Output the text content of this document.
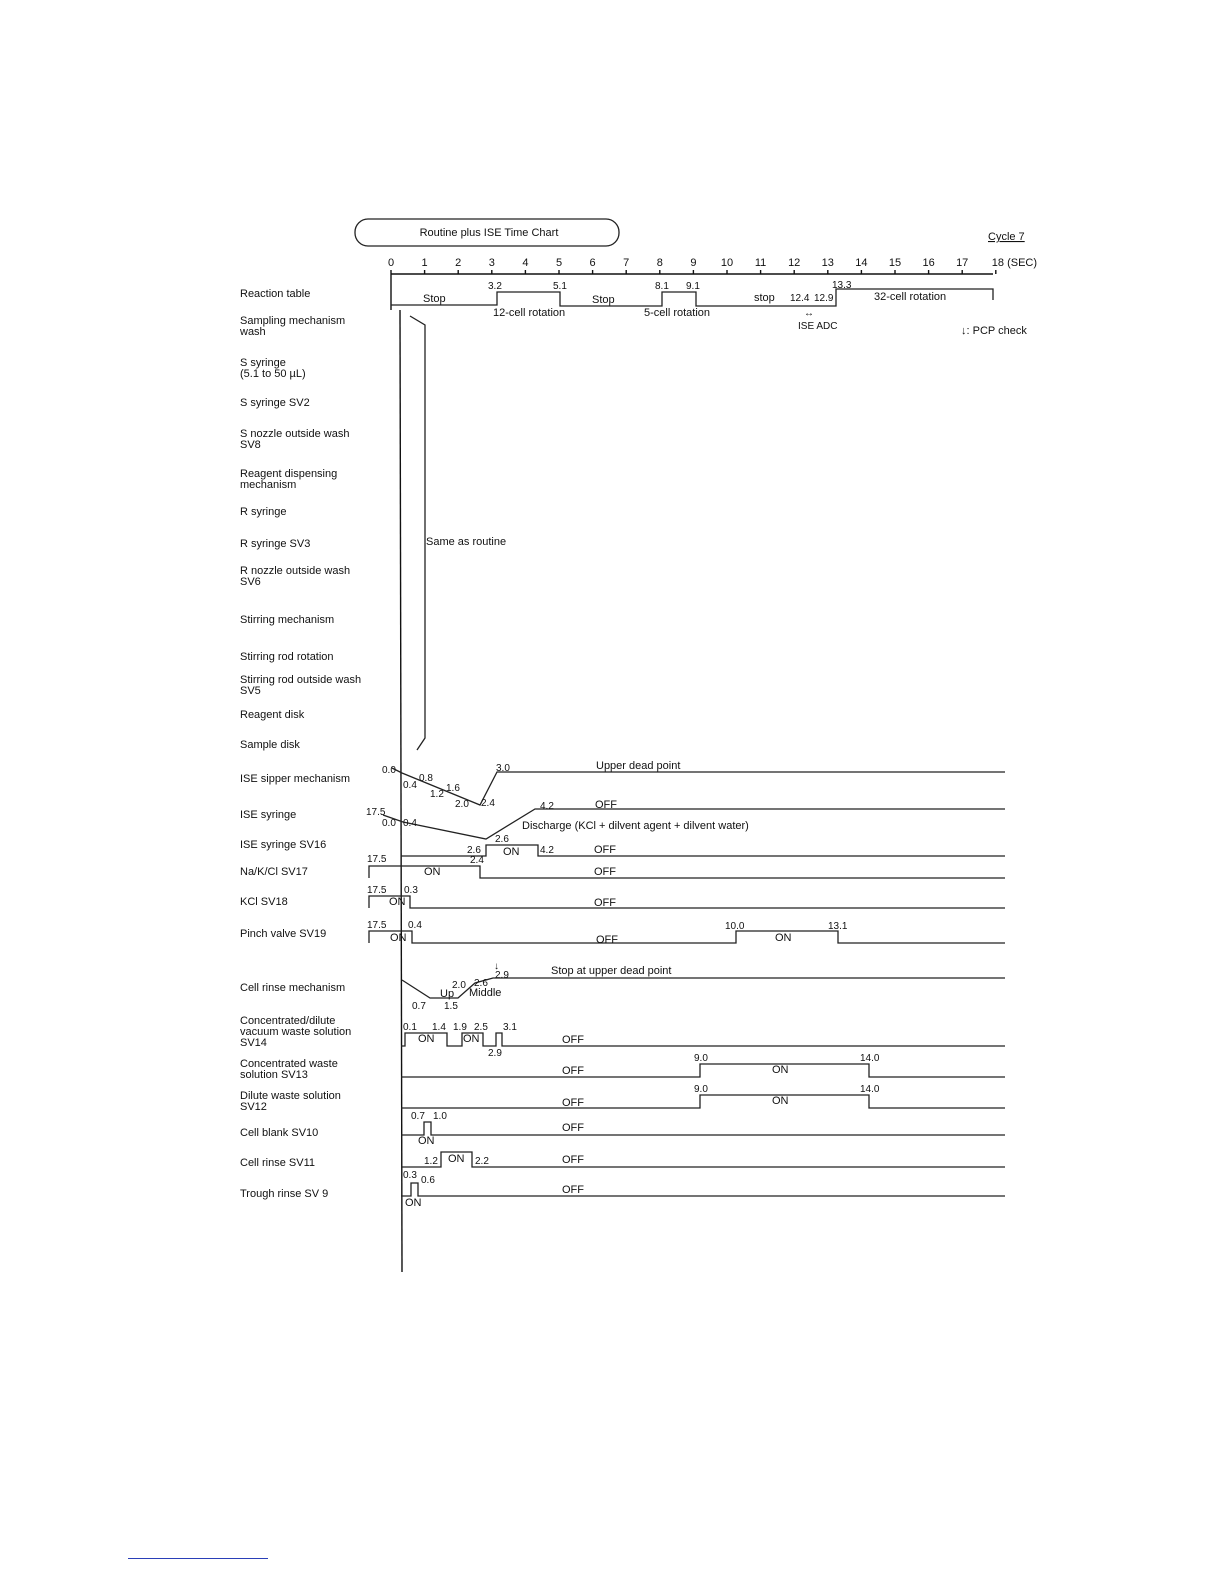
Routine plus ISE Time Chart	Cycle 7
↓: PCP check
0 1 2 3 4 5 6 7 8 9 10 11 12 13 14 15 16 17 18 (SEC)
Reaction table
Sampling mechanism wash
S syringe (5.1 to 50 µL)
S syringe SV2
S nozzle outside wash SV8
Reagent dispensing mechanism
R syringe
R syringe SV3
R nozzle outside wash SV6
Stirring mechanism
Stirring rod rotation
Stirring rod outside wash SV5
Reagent disk
Sample disk
ISE sipper mechanism
ISE syringe
ISE syringe SV16
Na/K/Cl SV17
KCl SV18
Pinch valve SV19
Cell rinse mechanism
Concentrated/dilute vacuum waste solution SV14
Concentrated waste solution SV13
Dilute waste solution SV12
Cell blank SV10
Cell rinse SV11
Trough rinse SV 9
Stop
12-cell rotation
Stop
5-cell rotation
stop	32-cell rotation
ISE ADC
↔
3.2	5.1	8.1 9.1
12.4 12.9
13.3
Same as routine
Upper dead point
0.0
0.4
0.8
1.2
1.6
2.0 2.4
3.0
17.5
0.0 0.4
2.6
4.2	OFF
Discharge (KCl + dilvent agent + dilvent water)
2.6 ON 4.2	OFF
17.5	2.4
ON	OFF
17.5 0.3
ON	OFF
17.5 0.4
ON	OFF
10.0
ON
13.1
Stop at upper dead point
0.7 1.5
Up
2.0 2.6
Middle
2.9
↓
0.1 1.4 1.9 2.5 3.1
ON	ON
2.9
OFF
OFF
9.0
ON
14.0
OFF
9.0
ON
14.0
0.7 1.0
ON
OFF
1.2 ON 2.2	OFF
0.3 0.6
ON
OFF
